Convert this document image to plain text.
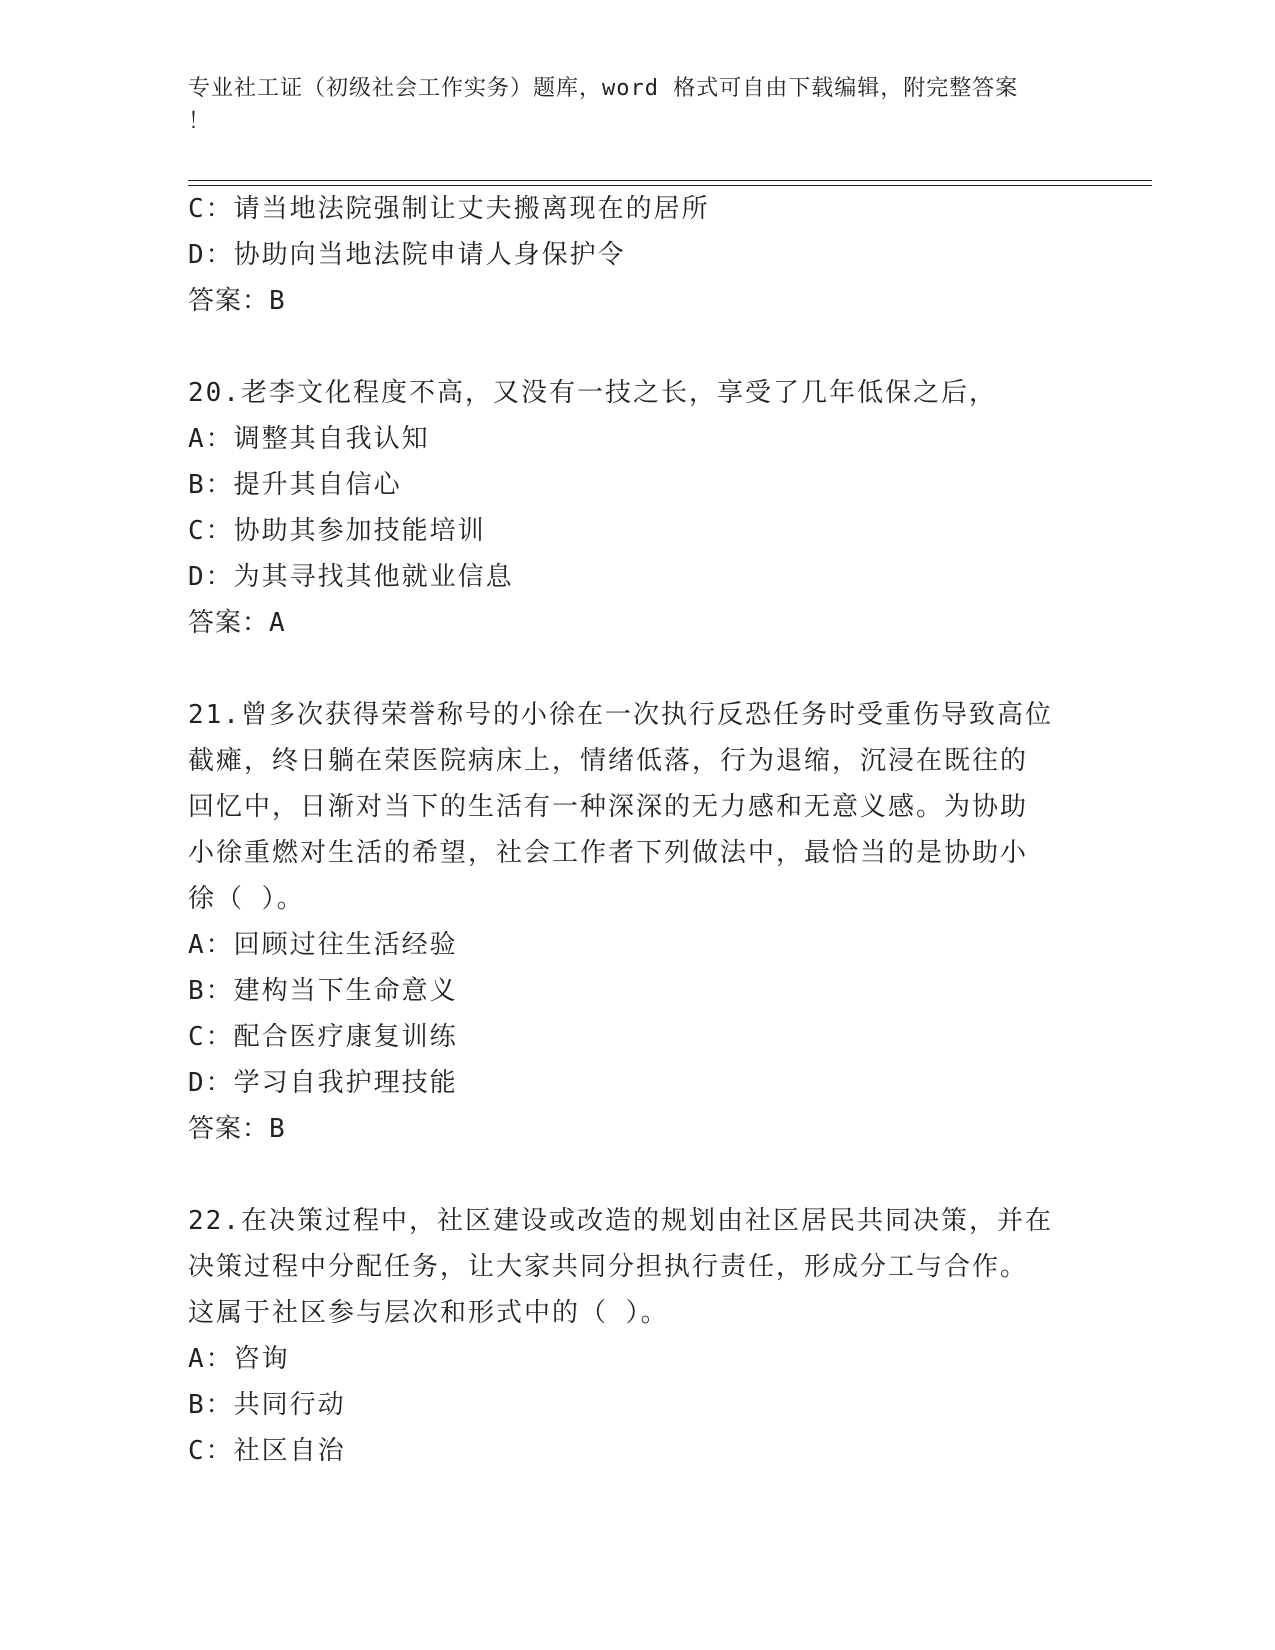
专业社工证（初级社会工作实务）题库，word 格式可自由下载编辑，附完整答案
！
C：请当地法院强制让丈夫搬离现在的居所
D：协助向当地法院申请人身保护令
答案：B
20.老李文化程度不高，又没有一技之长，享受了几年低保之后，
A：调整其自我认知
B：提升其自信心
C：协助其参加技能培训
D：为其寻找其他就业信息
答案：A
21.曾多次获得荣誉称号的小徐在一次执行反恐任务时受重伤导致高位
截瘫，终日躺在荣医院病床上，情绪低落，行为退缩，沉浸在既往的
回忆中，日渐对当下的生活有一种深深的无力感和无意义感。为协助
小徐重燃对生活的希望，社会工作者下列做法中，最恰当的是协助小
徐（ ）。
A：回顾过往生活经验
B：建构当下生命意义
C：配合医疗康复训练
D：学习自我护理技能
答案：B
22.在决策过程中，社区建设或改造的规划由社区居民共同决策，并在
决策过程中分配任务，让大家共同分担执行责任，形成分工与合作。
这属于社区参与层次和形式中的（ ）。
A：咨询
B：共同行动
C：社区自治
